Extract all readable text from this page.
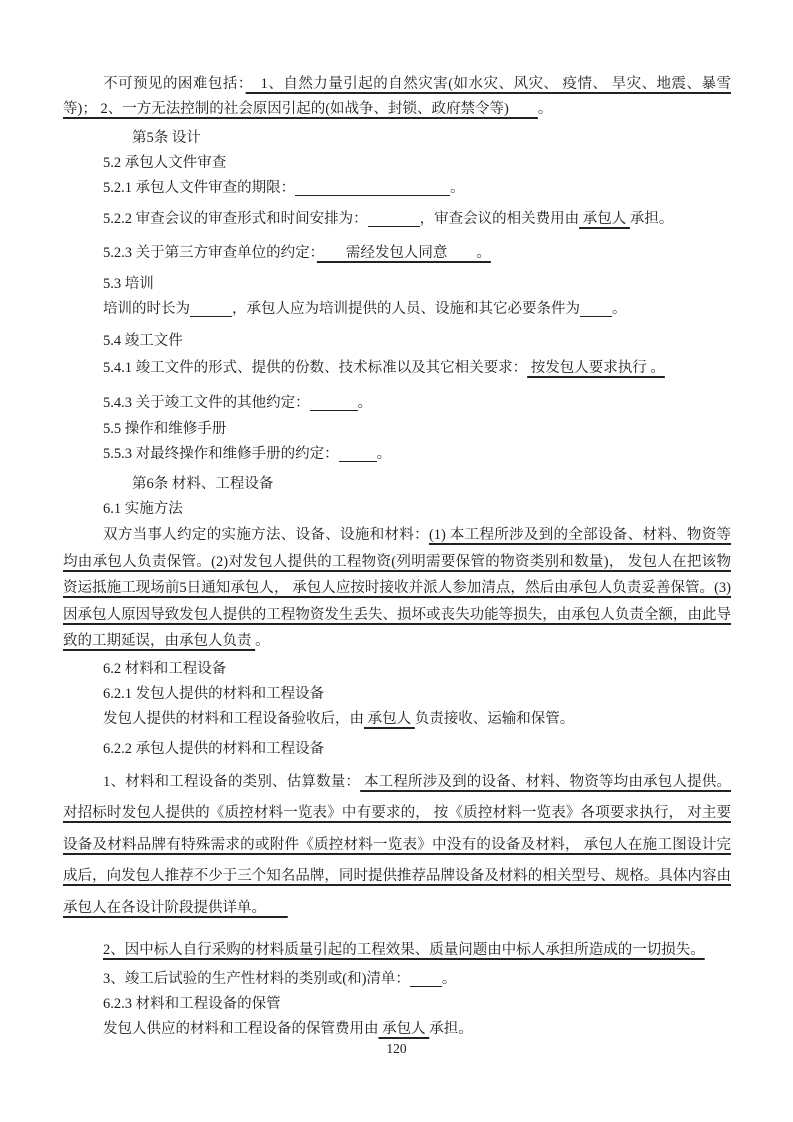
不可预见的困难包括：　1、自然力量引起的自然灾害(如水灾、风灾、 疫情、 旱灾、地震、暴雪等)； 2、一方无法控制的社会原因引起的(如战争、封锁、政府禁令等)　　。

第5条 设计

5.2 承包人文件审查

5.2.1 承包人文件审查的期限：	。

5.2.2 审查会议的审查形式和时间安排为：	，审查会议的相关费用由 承包人 承担。

5.2.3 关于第三方审查单位的约定：　　需经发包人同意　　。

5.3 培训

培训的时长为	，承包人应为培训提供的人员、设施和其它必要条件为 。

5.4 竣工文件

5.4.1 竣工文件的形式、提供的份数、技术标准以及其它相关要求： 按发包人要求执行 。

5.4.3 关于竣工文件的其他约定：	。

5.5 操作和维修手册

5.5.3 对最终操作和维修手册的约定：	。

第6条 材料、工程设备

6.1 实施方法

双方当事人约定的实施方法、设备、设施和材料：(1) 本工程所涉及到的全部设备、材料、物资等均由承包人负责保管。(2)对发包人提供的工程物资(列明需要保管的物资类别和数量)， 发包人在把该物资运抵施工现场前5日通知承包人， 承包人应按时接收并派人参加清点，然后由承包人负责妥善保管。(3)因承包人原因导致发包人提供的工程物资发生丢失、损坏或丧失功能等损失，由承包人负责全额，由此导致的工期延误，由承包人负责 。

6.2 材料和工程设备

6.2.1 发包人提供的材料和工程设备

发包人提供的材料和工程设备验收后，由 承包人 负责接收、运输和保管。

6.2.2 承包人提供的材料和工程设备

1、材料和工程设备的类别、估算数量： 本工程所涉及到的设备、材料、物资等均由承包人提供。对招标时发包人提供的《质控材料一览表》中有要求的， 按《质控材料一览表》各项要求执行， 对主要设备及材料品牌有特殊需求的或附件《质控材料一览表》中没有的设备及材料， 承包人在施工图设计完成后，向发包人推荐不少于三个知名品牌，同时提供推荐品牌设备及材料的相关型号、规格。具体内容由承包人在各设计阶段提供详单。　　

2、因中标人自行采购的材料质量引起的工程效果、质量问题由中标人承担所造成的一切损失。

3、竣工后试验的生产性材料的类别或(和)清单： 。

6.2.3 材料和工程设备的保管

发包人供应的材料和工程设备的保管费用由 承包人 承担。

120
